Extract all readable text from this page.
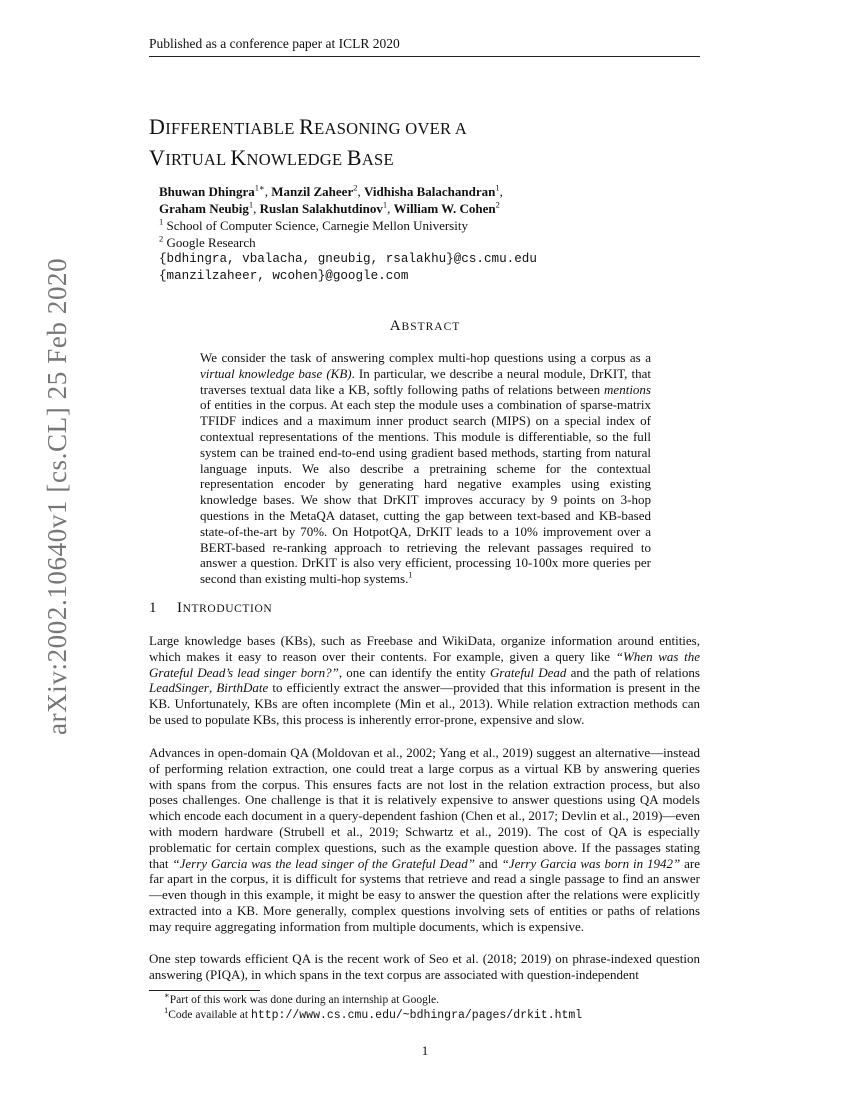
Published as a conference paper at ICLR 2020
arXiv:2002.10640v1 [cs.CL] 25 Feb 2020
DIFFERENTIABLE REASONING OVER A
VIRTUAL KNOWLEDGE BASE
Bhuwan Dhingra$^{1∗}$, Manzil Zaheer$^2$, Vidhisha Balachandran$^1$,
Graham Neubig$^1$, Ruslan Salakhutdinov$^1$, William W. Cohen$^2$
$^1$ School of Computer Science, Carnegie Mellon University
$^2$ Google Research
{bdhingra, vbalacha, gneubig, rsalakhu}@cs.cmu.edu
{manzilzaheer, wcohen}@google.com
ABSTRACT
We consider the task of answering complex multi-hop questions using a corpus as a virtual knowledge base (KB). In particular, we describe a neural module, DrKIT, that traverses textual data like a KB, softly following paths of relations between mentions of entities in the corpus. At each step the module uses a combination of sparse-matrix TFIDF indices and a maximum inner product search (MIPS) on a special index of contextual representations of the mentions. This module is differentiable, so the full system can be trained end-to-end using gradient based methods, starting from natural language inputs. We also describe a pretraining scheme for the contextual representation encoder by generating hard negative examples using existing knowledge bases. We show that DrKIT improves accuracy by 9 points on 3-hop questions in the MetaQA dataset, cutting the gap between text-based and KB-based state-of-the-art by 70%. On HotpotQA, DrKIT leads to a 10% improvement over a BERT-based re-ranking approach to retrieving the relevant passages required to answer a question. DrKIT is also very efficient, processing 10-100x more queries per second than existing multi-hop systems.$^1$
1 INTRODUCTION
Large knowledge bases (KBs), such as Freebase and WikiData, organize information around entities, which makes it easy to reason over their contents. For example, given a query like “When was the Grateful Dead’s lead singer born?”, one can identify the entity Grateful Dead and the path of relations LeadSinger, BirthDate to efficiently extract the answer—provided that this information is present in the KB. Unfortunately, KBs are often incomplete (Min et al., 2013). While relation extraction methods can be used to populate KBs, this process is inherently error-prone, expensive and slow.
Advances in open-domain QA (Moldovan et al., 2002; Yang et al., 2019) suggest an alternative—instead of performing relation extraction, one could treat a large corpus as a virtual KB by answering queries with spans from the corpus. This ensures facts are not lost in the relation extraction process, but also poses challenges. One challenge is that it is relatively expensive to answer questions using QA models which encode each document in a query-dependent fashion (Chen et al., 2017; Devlin et al., 2019)—even with modern hardware (Strubell et al., 2019; Schwartz et al., 2019). The cost of QA is especially problematic for certain complex questions, such as the example question above. If the passages stating that “Jerry Garcia was the lead singer of the Grateful Dead” and “Jerry Garcia was born in 1942” are far apart in the corpus, it is difficult for systems that retrieve and read a single passage to find an answer—even though in this example, it might be easy to answer the question after the relations were explicitly extracted into a KB. More generally, complex questions involving sets of entities or paths of relations may require aggregating information from multiple documents, which is expensive.
One step towards efficient QA is the recent work of Seo et al. (2018; 2019) on phrase-indexed question answering (PIQA), in which spans in the text corpus are associated with question-independent
∗Part of this work was done during an internship at Google.
$^1$Code available at http://www.cs.cmu.edu/~bdhingra/pages/drkit.html
1
